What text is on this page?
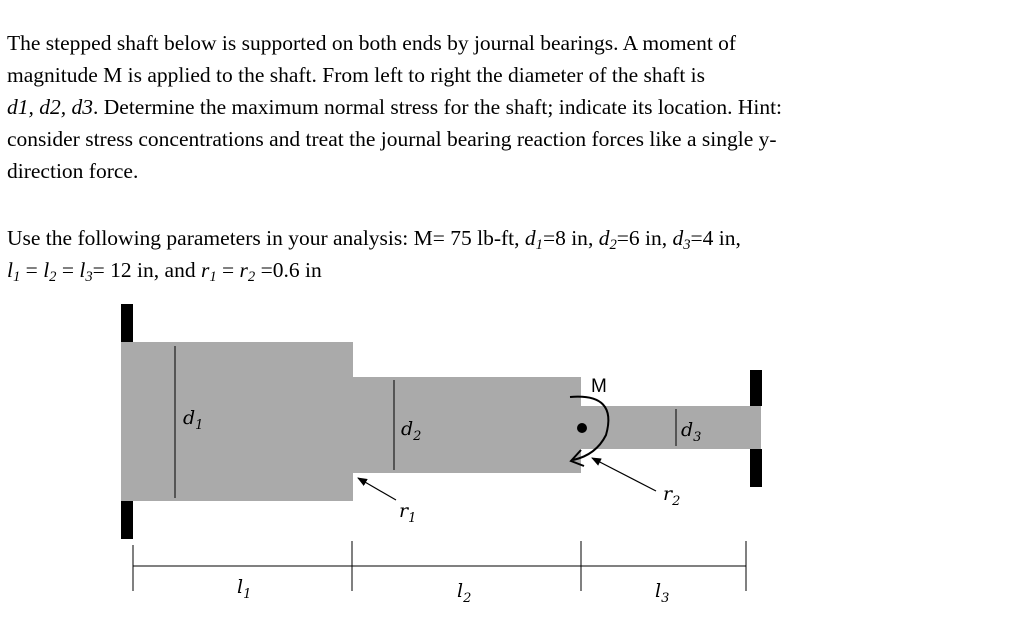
The stepped shaft below is supported on both ends by journal bearings. A moment of
magnitude M is applied to the shaft. From left to right the diameter of the shaft is
d1, d2, d3. Determine the maximum normal stress for the shaft; indicate its location. Hint:
consider stress concentrations and treat the journal bearing reaction forces like a single y-
direction force.
Use the following parameters in your analysis: M= 75 lb-ft, $d_1=8$ in, $d_2=6$ in, $d_3=4$ in,
$l_1 = l_2 = l_3= 12$ in, and $r_1 = r_2 =0.6$ in
$d_1$	$d_2$	$d_3$
$r_1$
$r_2$
M
$l_1$	$l_2$	$l_3$
